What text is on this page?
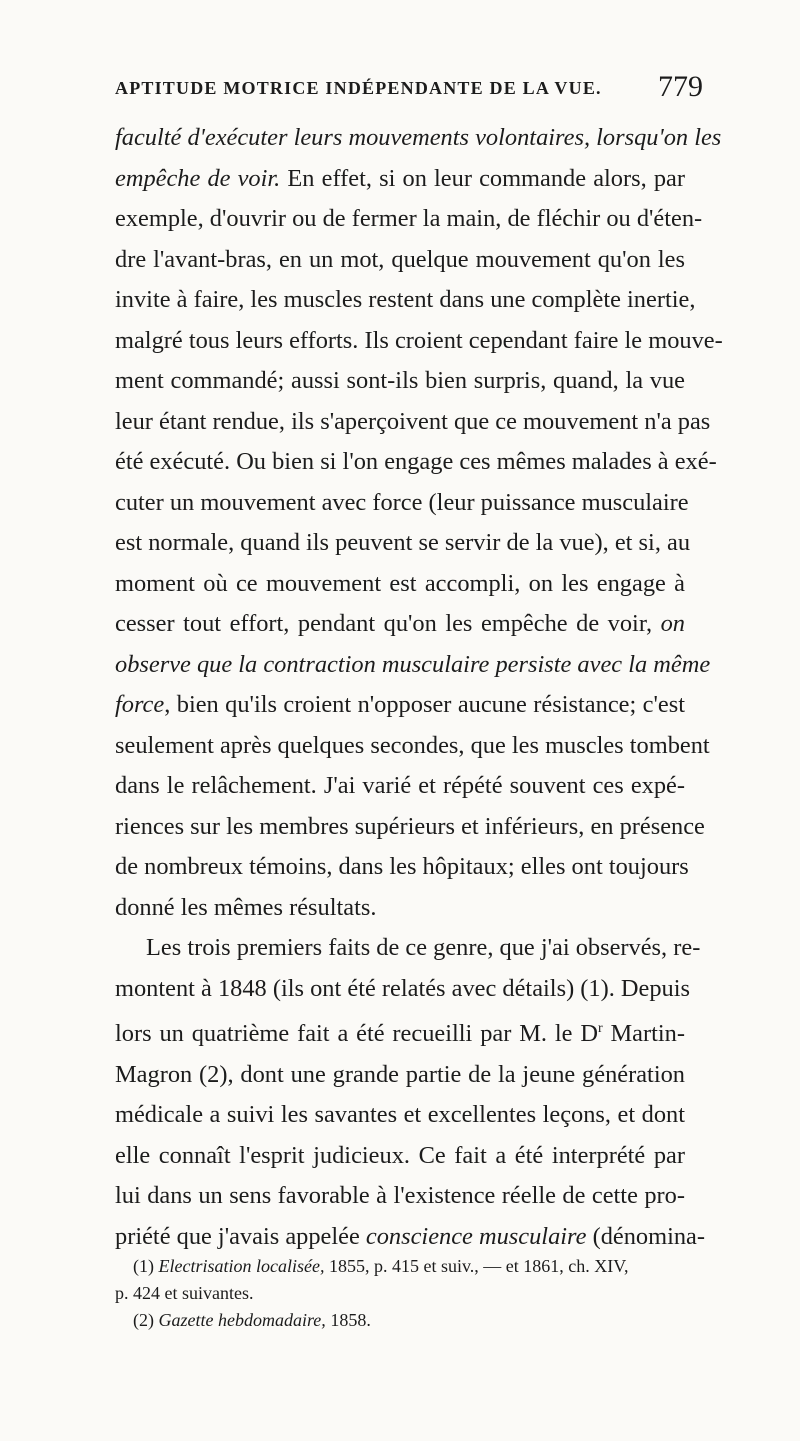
APTITUDE MOTRICE INDÉPENDANTE DE LA VUE. 779

faculté d'exécuter leurs mouvements volontaires, lorsqu'on les
empêche de voir. En effet, si on leur commande alors, par
exemple, d'ouvrir ou de fermer la main, de fléchir ou d'éten-
dre l'avant-bras, en un mot, quelque mouvement qu'on les
invite à faire, les muscles restent dans une complète inertie,
malgré tous leurs efforts. Ils croient cependant faire le mouve-
ment commandé; aussi sont-ils bien surpris, quand, la vue
leur étant rendue, ils s'aperçoivent que ce mouvement n'a pas
été exécuté. Ou bien si l'on engage ces mêmes malades à exé-
cuter un mouvement avec force (leur puissance musculaire
est normale, quand ils peuvent se servir de la vue), et si, au
moment où ce mouvement est accompli, on les engage à
cesser tout effort, pendant qu'on les empêche de voir, on
observe que la contraction musculaire persiste avec la même
force, bien qu'ils croient n'opposer aucune résistance; c'est
seulement après quelques secondes, que les muscles tombent
dans le relâchement. J'ai varié et répété souvent ces expé-
riences sur les membres supérieurs et inférieurs, en présence
de nombreux témoins, dans les hôpitaux; elles ont toujours
donné les mêmes résultats.

Les trois premiers faits de ce genre, que j'ai observés, re-
montent à 1848 (ils ont été relatés avec détails) (1). Depuis
lors un quatrième fait a été recueilli par M. le $D^r$ Martin-
Magron (2), dont une grande partie de la jeune génération
médicale a suivi les savantes et excellentes leçons, et dont
elle connaît l'esprit judicieux. Ce fait a été interprété par
lui dans un sens favorable à l'existence réelle de cette pro-
priété que j'avais appelée conscience musculaire (dénomina-

(1) Electrisation localisée, 1855, p. 415 et suiv., — et 1861, ch. XIV,

p. 424 et suivantes.

(2) Gazette hebdomadaire, 1858.
